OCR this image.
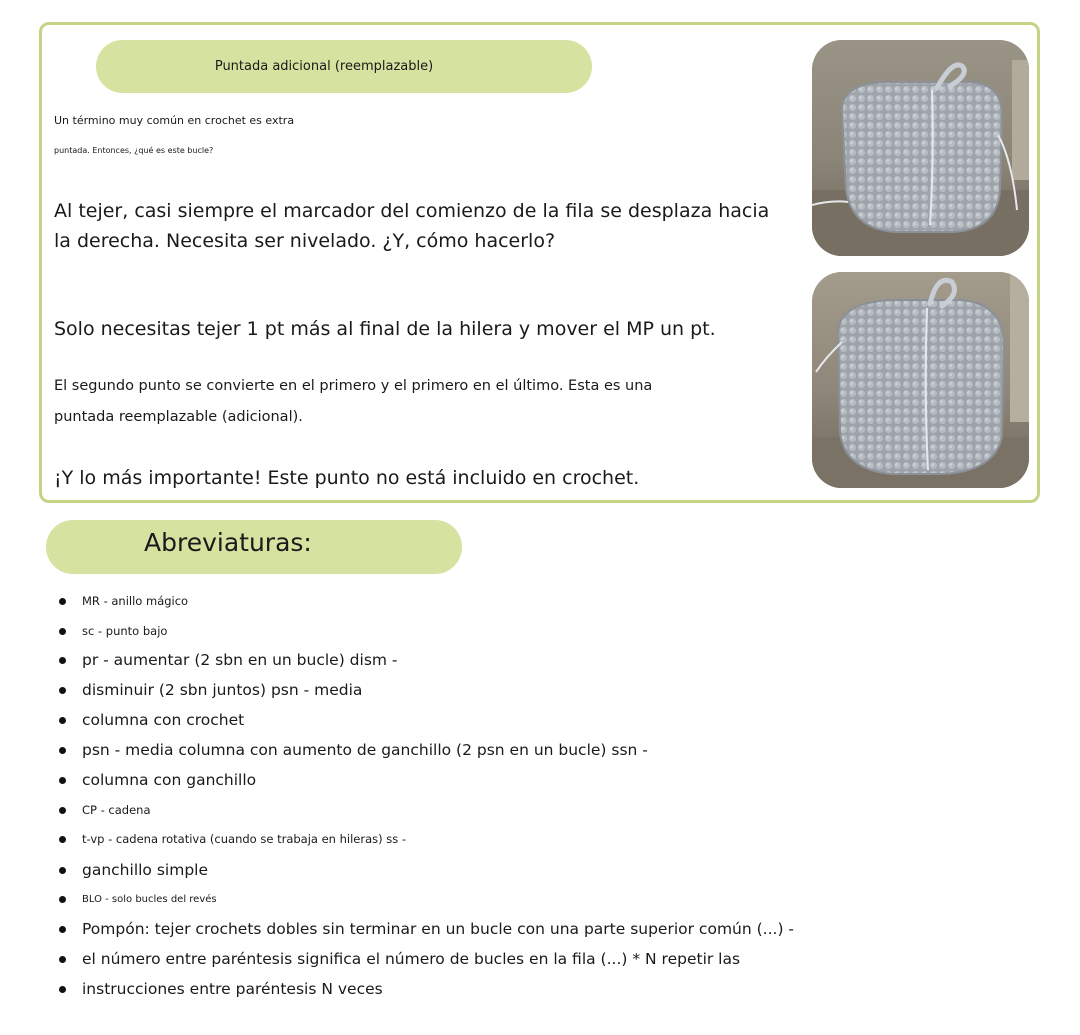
Puntada adicional (reemplazable)
Un término muy común en crochet es extra
puntada. Entonces, ¿qué es este bucle?
Al tejer, casi siempre el marcador del comienzo de la fila se desplaza hacia
la derecha. Necesita ser nivelado. ¿Y, cómo hacerlo?
Solo necesitas tejer 1 pt más al final de la hilera y mover el MP un pt.
El segundo punto se convierte en el primero y el primero en el último. Esta es una
puntada reemplazable (adicional).
¡Y lo más importante! Este punto no está incluido en crochet.
Abreviaturas:
MR - anillo mágico
sc - punto bajo
pr - aumentar (2 sbn en un bucle) dism -
disminuir (2 sbn juntos) psn - media
columna con crochet
psn - media columna con aumento de ganchillo (2 psn en un bucle) ssn -
columna con ganchillo
CP - cadena
t-vp - cadena rotativa (cuando se trabaja en hileras) ss -
ganchillo simple
BLO - solo bucles del revés
Pompón: tejer crochets dobles sin terminar en un bucle con una parte superior común (...) -
el número entre paréntesis significa el número de bucles en la fila (...) * N repetir las
instrucciones entre paréntesis N veces
